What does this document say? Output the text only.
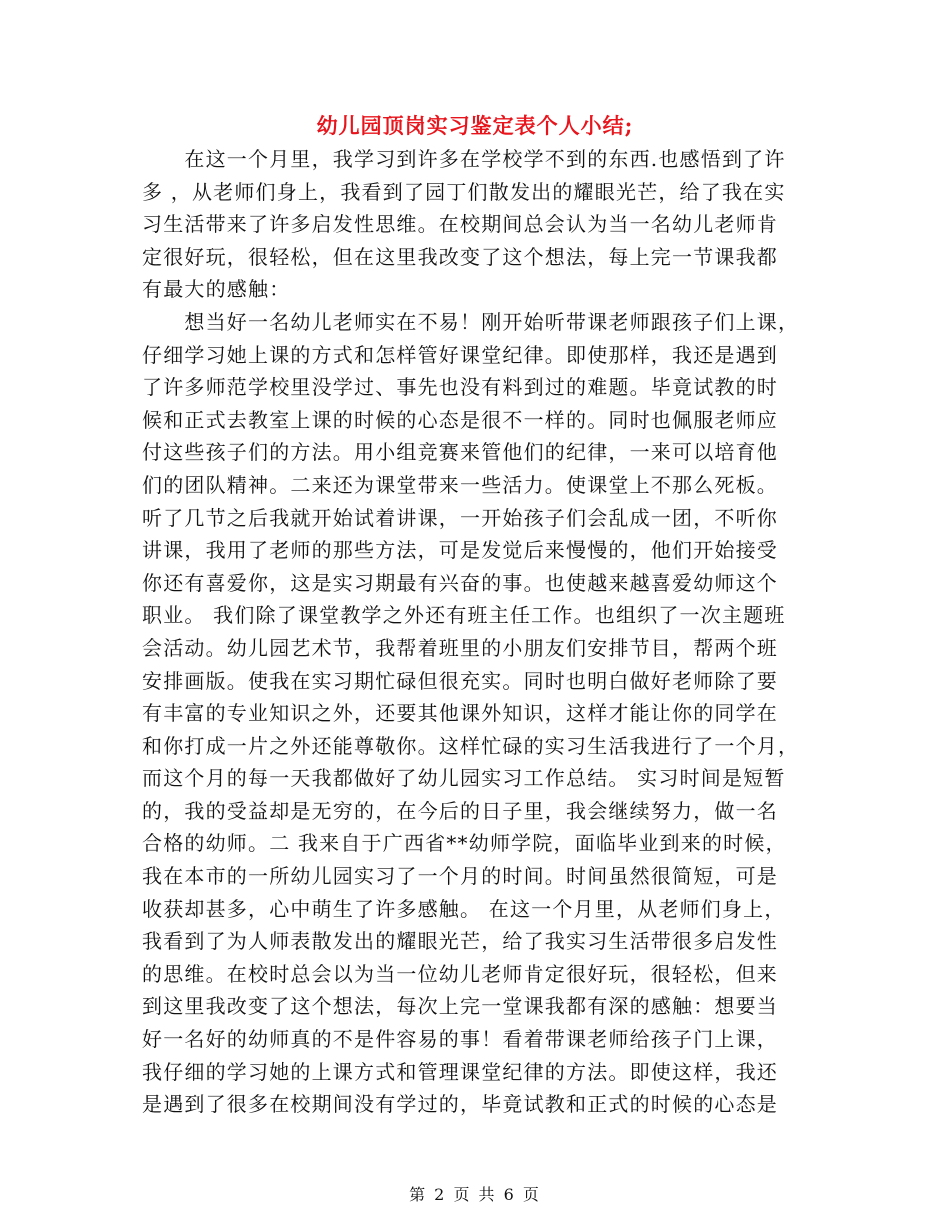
幼儿园顶岗实习鉴定表个人小结;
　　在这一个月里，我学习到许多在学校学不到的东西.也感悟到了许
多 ，从老师们身上，我看到了园丁们散发出的耀眼光芒，给了我在实
习生活带来了许多启发性思维。在校期间总会认为当一名幼儿老师肯
定很好玩，很轻松，但在这里我改变了这个想法，每上完一节课我都
有最大的感触：
　　想当好一名幼儿老师实在不易！刚开始听带课老师跟孩子们上课，
仔细学习她上课的方式和怎样管好课堂纪律。即使那样，我还是遇到
了许多师范学校里没学过、事先也没有料到过的难题。毕竟试教的时
候和正式去教室上课的时候的心态是很不一样的。同时也佩服老师应
付这些孩子们的方法。用小组竞赛来管他们的纪律，一来可以培育他
们的团队精神。二来还为课堂带来一些活力。使课堂上不那么死板。
听了几节之后我就开始试着讲课，一开始孩子们会乱成一团，不听你
讲课，我用了老师的那些方法，可是发觉后来慢慢的，他们开始接受
你还有喜爱你，这是实习期最有兴奋的事。也使越来越喜爱幼师这个
职业。 我们除了课堂教学之外还有班主任工作。也组织了一次主题班
会活动。幼儿园艺术节，我帮着班里的小朋友们安排节目，帮两个班
安排画版。使我在实习期忙碌但很充实。同时也明白做好老师除了要
有丰富的专业知识之外，还要其他课外知识，这样才能让你的同学在
和你打成一片之外还能尊敬你。这样忙碌的实习生活我进行了一个月，
而这个月的每一天我都做好了幼儿园实习工作总结。 实习时间是短暂
的，我的受益却是无穷的，在今后的日子里，我会继续努力，做一名
合格的幼师。二 我来自于广西省**幼师学院，面临毕业到来的时候，
我在本市的一所幼儿园实习了一个月的时间。时间虽然很简短，可是
收获却甚多，心中萌生了许多感触。 在这一个月里，从老师们身上，
我看到了为人师表散发出的耀眼光芒，给了我实习生活带很多启发性
的思维。在校时总会以为当一位幼儿老师肯定很好玩，很轻松，但来
到这里我改变了这个想法，每次上完一堂课我都有深的感触：想要当
好一名好的幼师真的不是件容易的事！看着带课老师给孩子门上课，
我仔细的学习她的上课方式和管理课堂纪律的方法。即使这样，我还
是遇到了很多在校期间没有学过的，毕竟试教和正式的时候的心态是
第 2 页 共 6 页
